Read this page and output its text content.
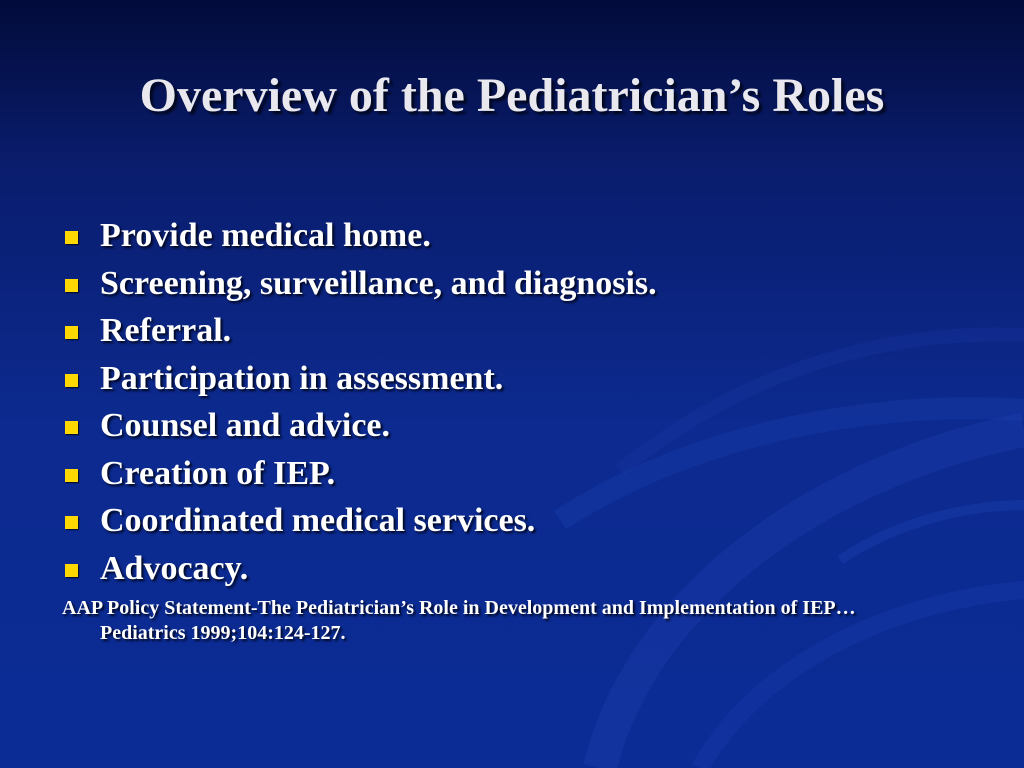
Overview of the Pediatrician’s Roles
Provide medical home.
Screening, surveillance, and diagnosis.
Referral.
Participation in assessment.
Counsel and advice.
Creation of IEP.
Coordinated medical services.
Advocacy.

AAP Policy Statement-The Pediatrician’s Role in Development and Implementation of IEP…Pediatrics 1999;104:124-127.
